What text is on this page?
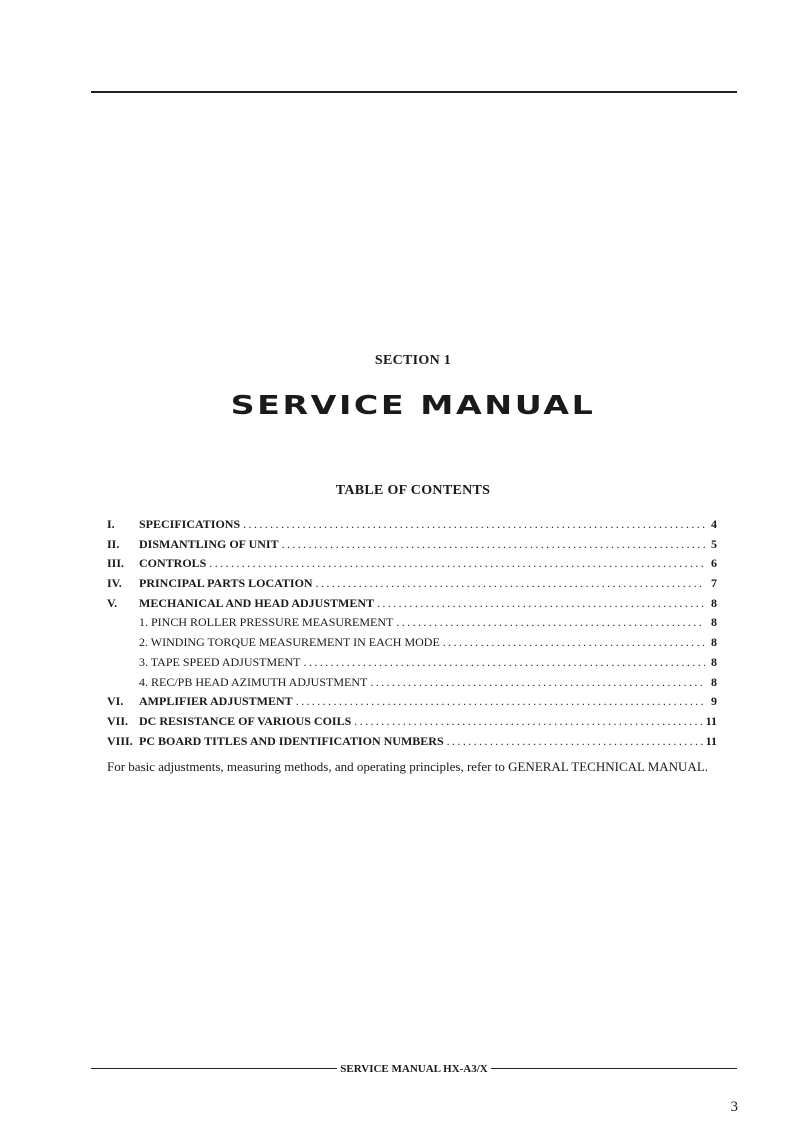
SECTION 1
SERVICE MANUAL
TABLE OF CONTENTS
I.	SPECIFICATIONS .....	4
II.	DISMANTLING OF UNIT .....	5
III.	CONTROLS .....	6
IV.	PRINCIPAL PARTS LOCATION .....	7
V.	MECHANICAL AND HEAD ADJUSTMENT .....	8
1. PINCH ROLLER PRESSURE MEASUREMENT .....	8
2. WINDING TORQUE MEASUREMENT IN EACH MODE .....	8
3. TAPE SPEED ADJUSTMENT .....	8
4. REC/PB HEAD AZIMUTH ADJUSTMENT .....	8
VI.	AMPLIFIER ADJUSTMENT .....	9
VII. DC RESISTANCE OF VARIOUS COILS .....	11
VIII. PC BOARD TITLES AND IDENTIFICATION NUMBERS .....	11
For basic adjustments, measuring methods, and operating principles, refer to GENERAL TECHNICAL MANUAL.
SERVICE MANUAL HX-A3/X
3
